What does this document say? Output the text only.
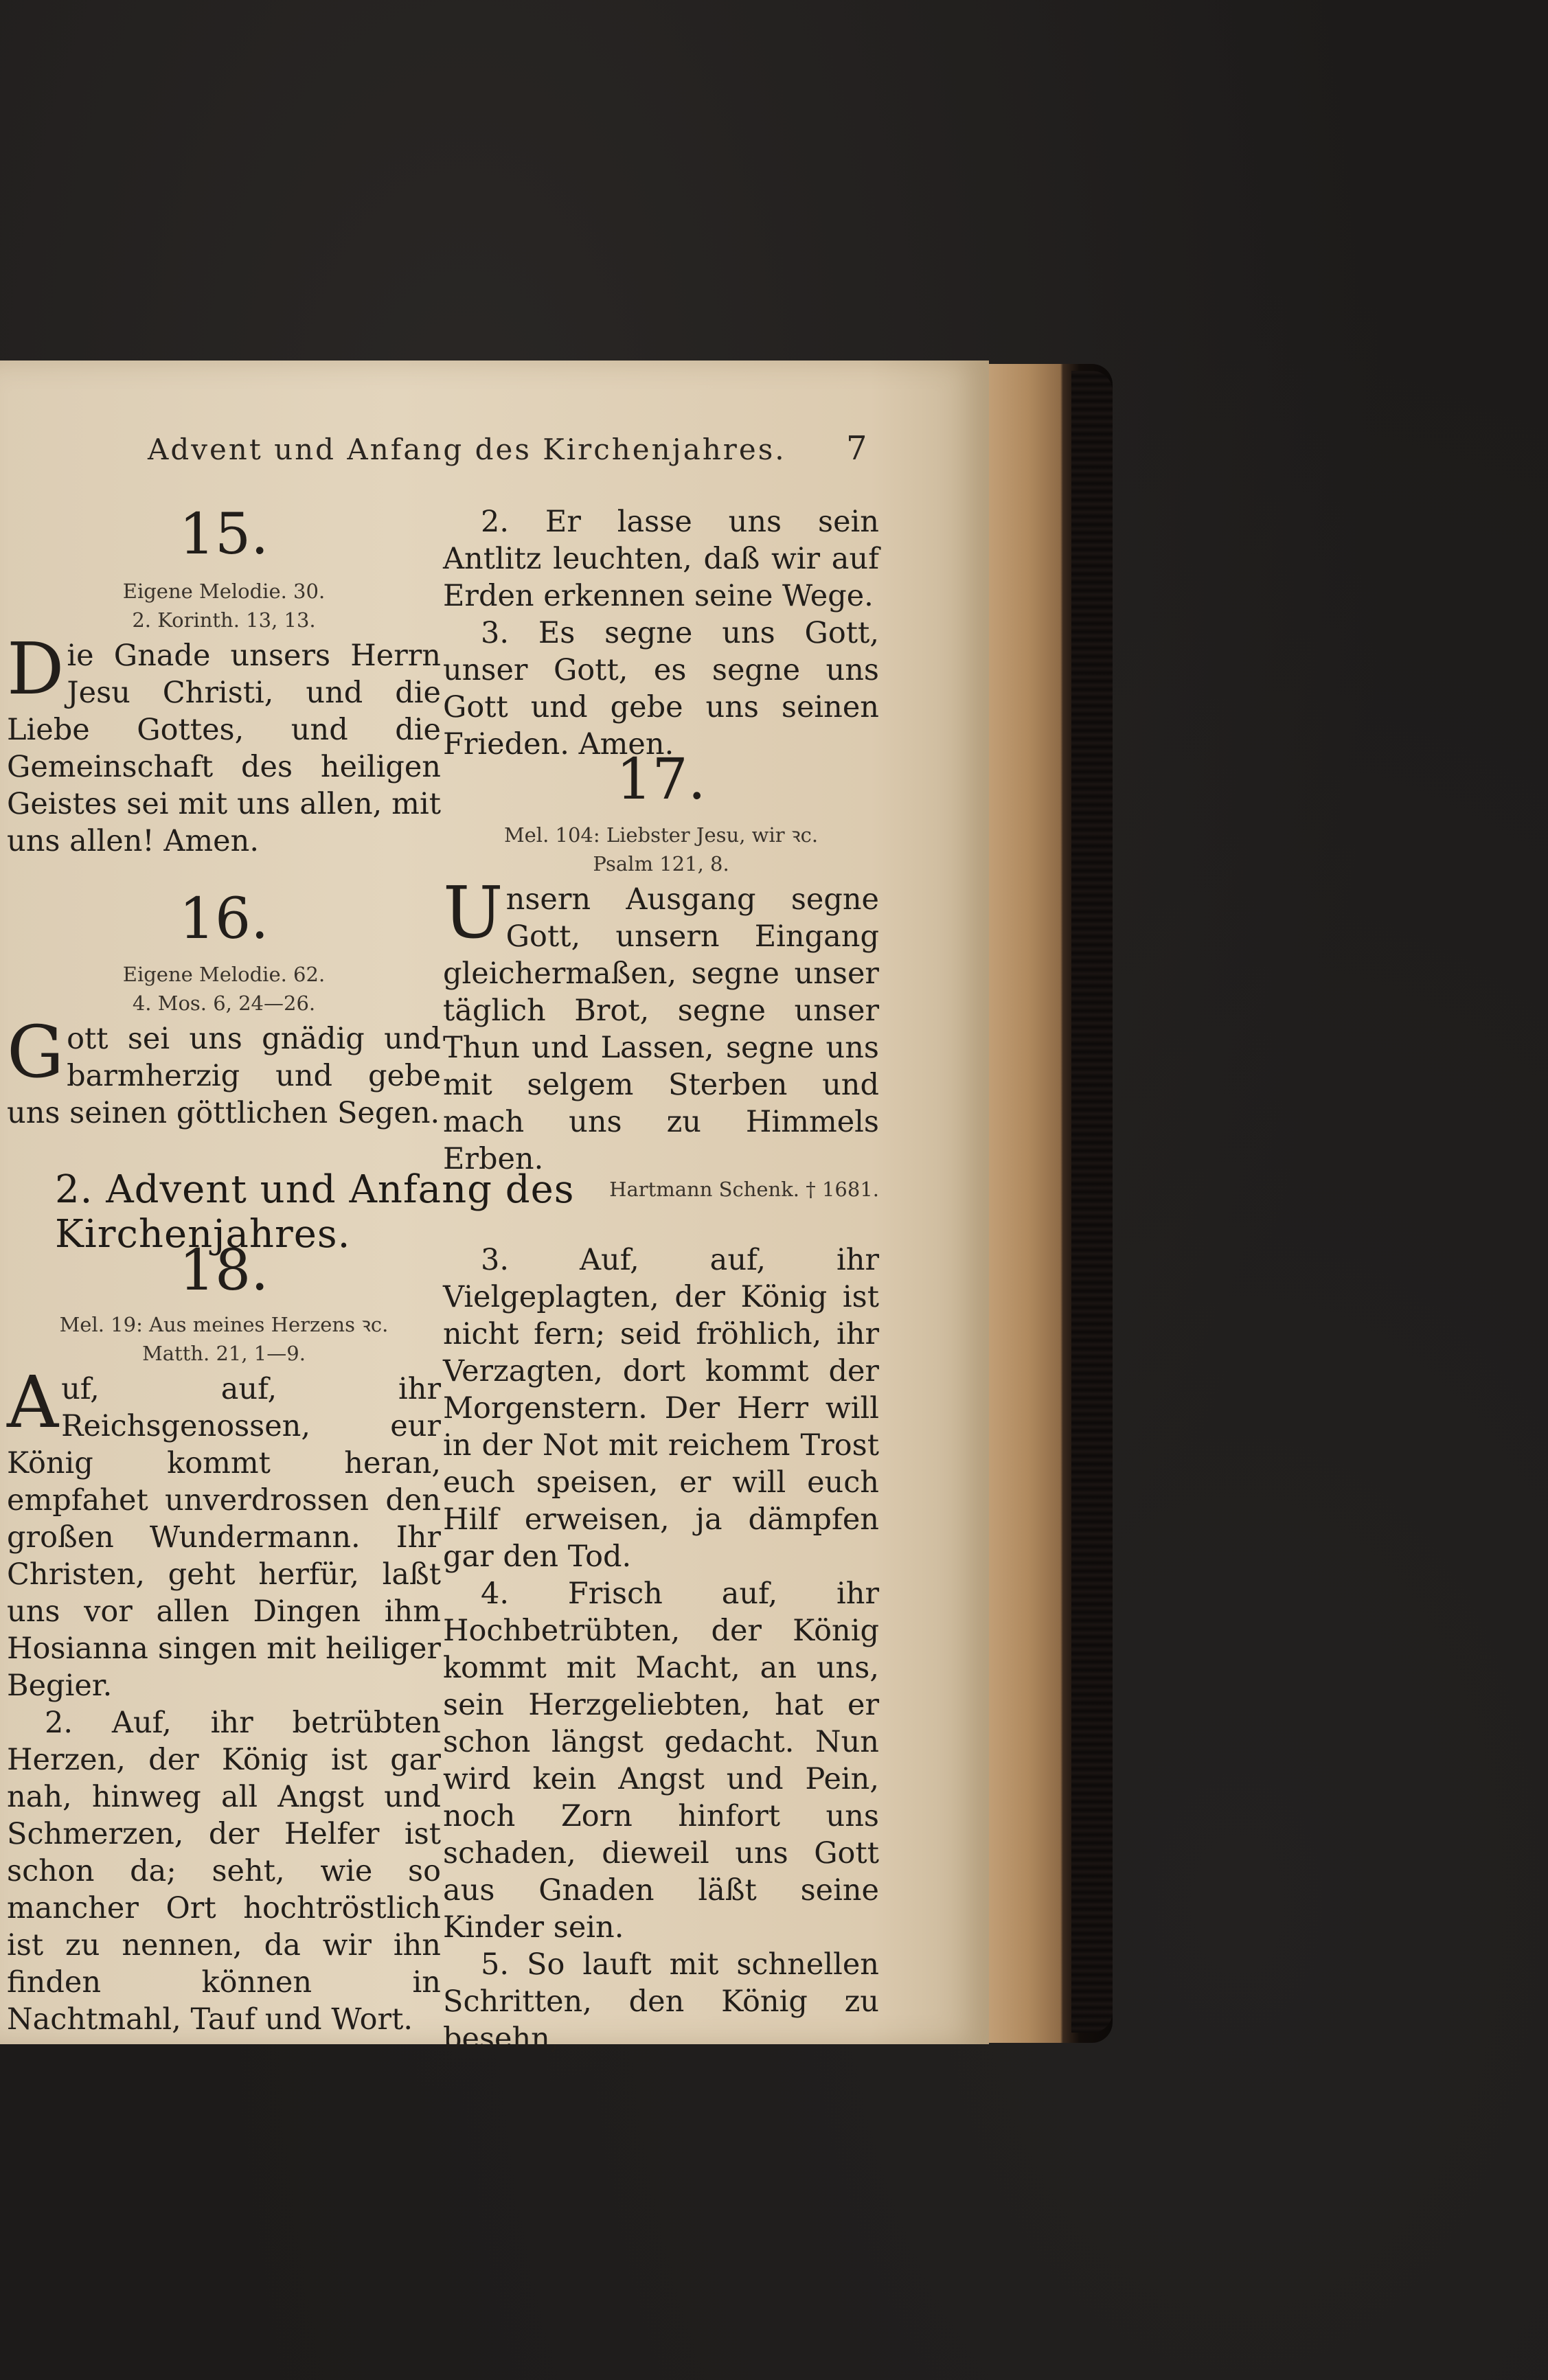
Advent und Anfang des Kirchenjahres.	7

15.

Eigene Melodie. 30.

2. Korinth. 13, 13.

Die Gnade unsers Herrn Jesu Christi, und die Liebe Gottes, und die Gemeinschaft des heiligen Geistes sei mit uns allen, mit uns allen! Amen.

16.

Eigene Melodie. 62.

4. Mos. 6, 24—26.

Gott sei uns gnädig und barmherzig und gebe uns seinen göttlichen Segen.

2. Er lasse uns sein Antlitz leuchten, daß wir auf Erden erkennen seine Wege.

3. Es segne uns Gott, unser Gott, es segne uns Gott und gebe uns seinen Frieden. Amen.

17.

Mel. 104: Liebster Jesu, wir ꝛc.

Psalm 121, 8.

Unsern Ausgang segne Gott, unsern Eingang gleichermaßen, segne unser täglich Brot, segne unser Thun und Lassen, segne uns mit selgem Sterben und mach uns zu Himmels Erben.

Hartmann Schenk. † 1681.

2. Advent und Anfang des Kirchenjahres.

18.

Mel. 19: Aus meines Herzens ꝛc.

Matth. 21, 1—9.

Auf, auf, ihr Reichsgenossen, eur König kommt heran, empfahet unverdrossen den großen Wundermann. Ihr Christen, geht herfür, laßt uns vor allen Dingen ihm Hosianna singen mit heiliger Begier.

2. Auf, ihr betrübten Herzen, der König ist gar nah, hinweg all Angst und Schmerzen, der Helfer ist schon da; seht, wie so mancher Ort hochtröstlich ist zu nennen, da wir ihn finden können in Nachtmahl, Tauf und Wort.

3. Auf, auf, ihr Vielgeplagten, der König ist nicht fern; seid fröhlich, ihr Verzagten, dort kommt der Morgenstern. Der Herr will in der Not mit reichem Trost euch speisen, er will euch Hilf erweisen, ja dämpfen gar den Tod.

4. Frisch auf, ihr Hochbetrübten, der König kommt mit Macht, an uns, sein Herzgeliebten, hat er schon längst gedacht. Nun wird kein Angst und Pein, noch Zorn hinfort uns schaden, dieweil uns Gott aus Gnaden läßt seine Kinder sein.

5. So lauft mit schnellen Schritten, den König zu besehn,
